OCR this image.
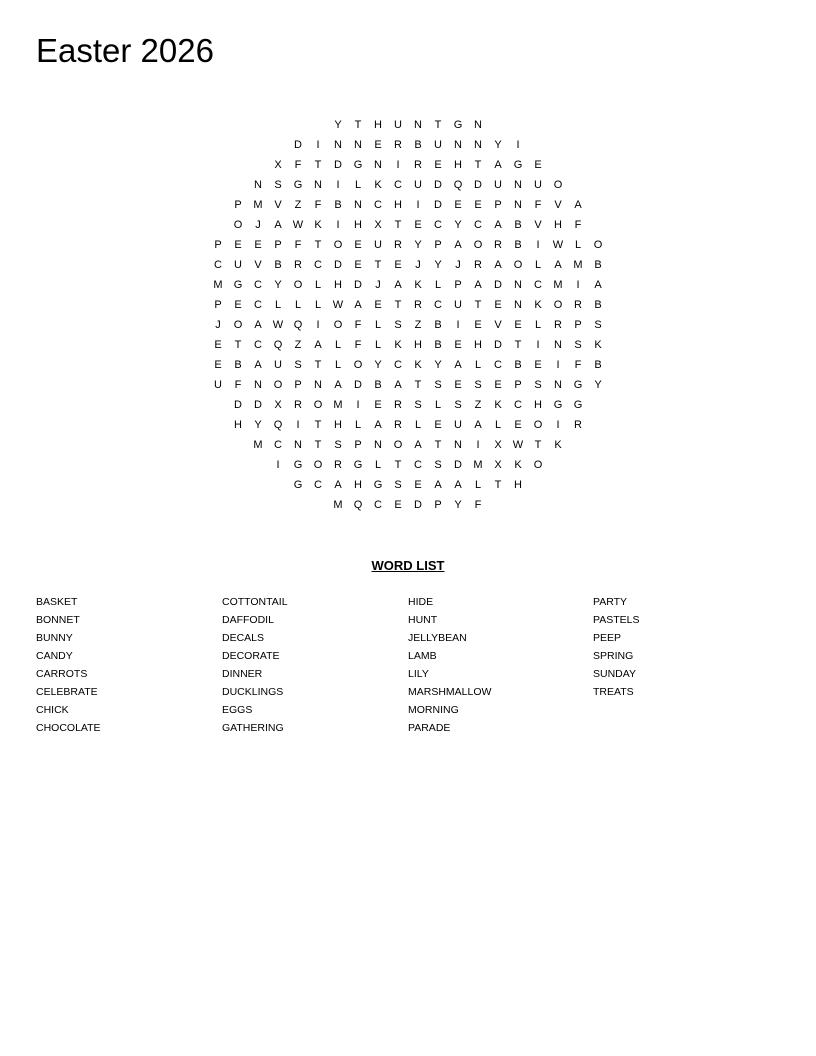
Easter 2026
Y	T	H	U	N	T	G	N
D	I	N	N	E	R	B	U	N	N	Y	I
X	F	T	D	G	N	I	R	E	H	T	A	G	E
N	S	G	N	I	L	K	C	U	D	Q	D	U	N	U	O
P	M	V	Z	F	B	N	C	H	I	D	E	E	P	N	F	V	A
O	J	A	W	K	I	H	X	T	E	C	Y	C	A	B	V	H	F
P	E	E	P	F	T	O	E	U	R	Y	P	A	O	R	B	I	W	L	O
C	U	V	B	R	C	D	E	T	E	J	Y	J	R	A	O	L	A	M	B
M	G	C	Y	O	L	H	D	J	A	K	L	P	A	D	N	C	M	I	A
P	E	C	L	L	L	W	A	E	T	R	C	U	T	E	N	K	O	R	B
J	O	A	W Q	I	O	F	L	S	Z	B	I	E	V	E	L	R	P	S
E	T	C	Q	Z	A	L	F	L	K	H	B	E	H	D	T	I	N	S	K
E	B	A	U	S	T	L	O	Y	C	K	Y	A	L	C	B	E	I	F	B
U	F	N	O	P	N	A	D	B	A	T	S	E	S	E	P	S	N	G	Y
D	D	X	R	O	M	I	E	R	S	L	S	Z	K	C	H	G	G
H	Y	Q	I	T	H	L	A	R	L	E	U	A	L	E	O	I	R
M	C	N	T	S	P	N	O	A	T	N	I	X	W	T	K
I	G	O	R	G	L	T	C	S	D	M	X	K	O
G	C	A	H	G	S	E	A	A	L	T	H
M	Q	C	E	D	P	Y	F
WORD LIST
BASKET
BONNET
BUNNY
CANDY
CARROTS
CELEBRATE
CHICK
CHOCOLATE
COTTONTAIL
DAFFODIL
DECALS
DECORATE
DINNER
DUCKLINGS
EGGS
GATHERING
HIDE
HUNT
JELLYBEAN
LAMB
LILY
MARSHMALLOW
MORNING
PARADE
PARTY
PASTELS
PEEP
SPRING
SUNDAY
TREATS
